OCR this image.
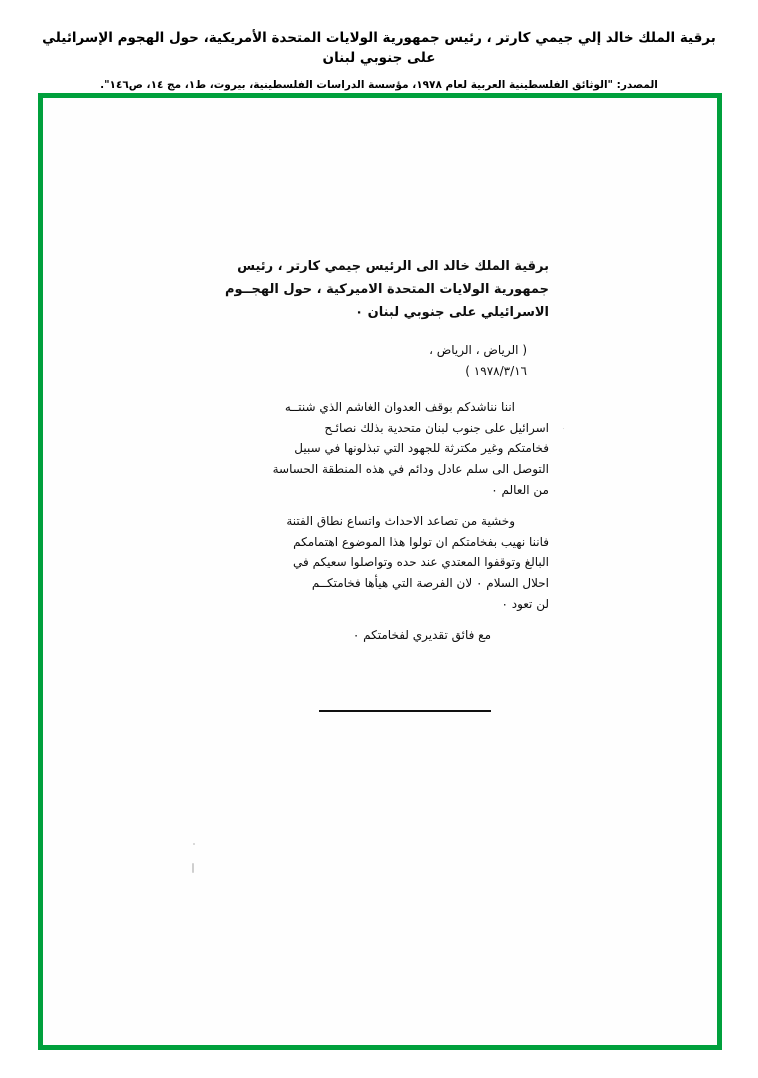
برقية الملك خالد إلي جيمي كارتر ، رئيس جمهورية الولايات المتحدة الأمريكية، حول الهجوم الإسرائيلي على جنوبي لبنان
المصدر: "الوثائق الفلسطينية العربية لعام ١٩٧٨، مؤسسة الدراسات الفلسطينية، بيروت، ط١، مج ١٤، ص١٤٦".
برقية الملك خالد الى الرئيس جيمي كارتر ، رئيس
جمهورية الولايات المتحدة الاميركية ، حول الهجــوم
الاسرائيلي على جنوبي لبنان ٠
( الرياض ، الرياض ،
١٩٧٨/٣/١٦ )
اننا نناشدكم بوقف العدوان الغاشم الذي شنتــه
اسرائيل على جنوب لبنان متحدية بذلك نصائـح
فخامتكم وغير مكترثة للجهود التي تبذلونها في سبيل
التوصل الى سلم عادل ودائم في هذه المنطقة الحساسة
من العالم ٠
وخشية من تصاعد الاحداث واتساع نطاق الفتنة
فاننا نهيب بفخامتكم ان تولوا هذا الموضوع اهتمامكم
البالغ وتوقفوا المعتدي عند حده وتواصلوا سعيكم في
احلال السلام ٠ لان الفرصة التي هيأها فخامتكــم
لن تعود ٠
مع فائق تقديري لفخامتكم ٠
